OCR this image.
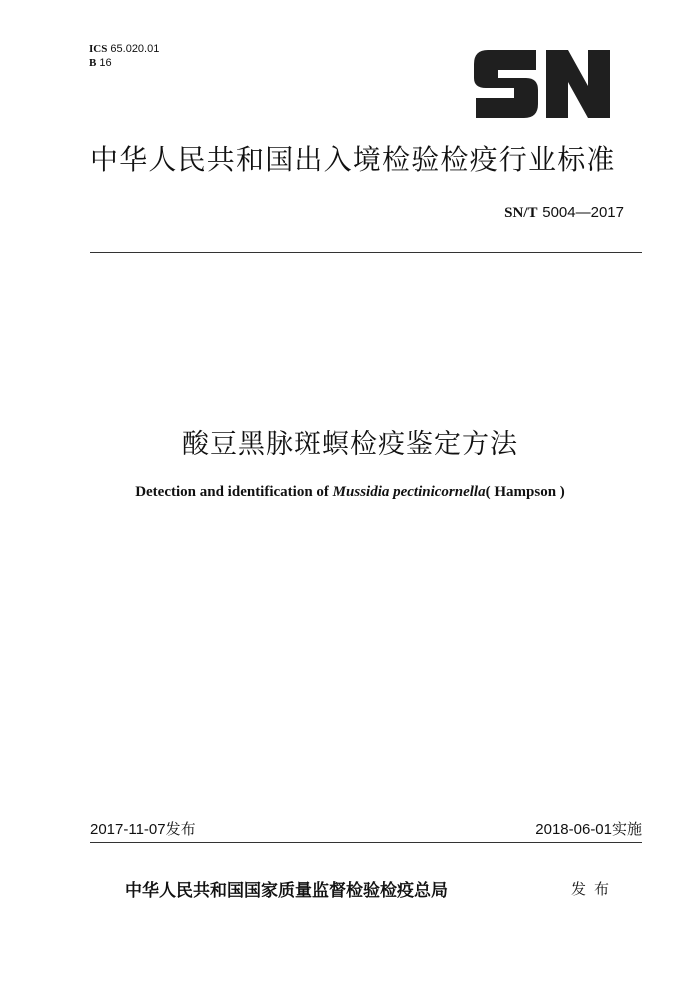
ICS 65.020.01
B 16
中华人民共和国出入境检验检疫行业标准
SN/T 5004—2017
酸豆黑脉斑螟检疫鉴定方法
Detection and identification of Mussidia pectinicornella( Hampson )
2017-11-07发布	2018-06-01实施
中华人民共和国国家质量监督检验检疫总局	发布
